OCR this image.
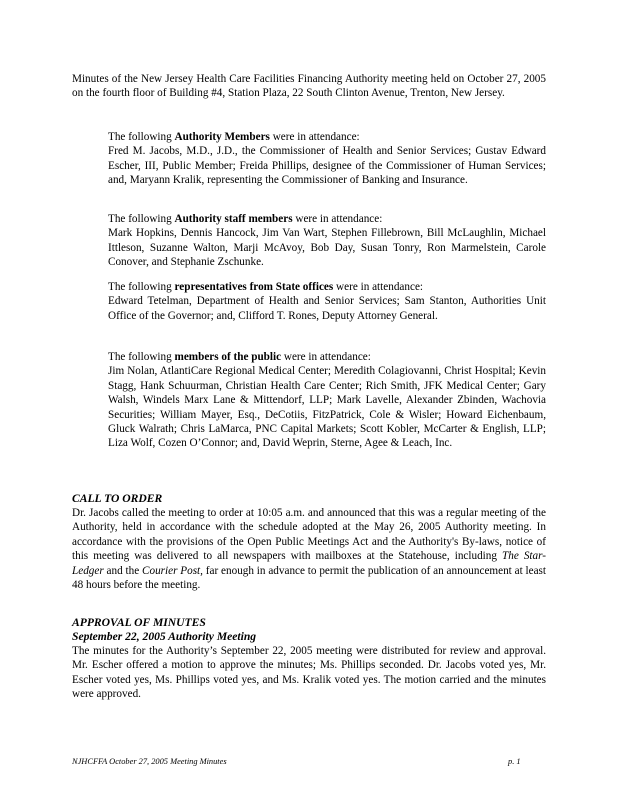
Minutes of the New Jersey Health Care Facilities Financing Authority meeting held on October 27, 2005 on the fourth floor of Building #4, Station Plaza, 22 South Clinton Avenue, Trenton, New Jersey.

The following Authority Members were in attendance:
Fred M. Jacobs, M.D., J.D., the Commissioner of Health and Senior Services; Gustav Edward Escher, III, Public Member; Freida Phillips, designee of the Commissioner of Human Services; and, Maryann Kralik, representing the Commissioner of Banking and Insurance.
The following Authority staff members were in attendance:
Mark Hopkins, Dennis Hancock, Jim Van Wart, Stephen Fillebrown, Bill McLaughlin, Michael Ittleson, Suzanne Walton, Marji McAvoy, Bob Day, Susan Tonry, Ron Marmelstein, Carole Conover, and Stephanie Zschunke.
The following representatives from State offices were in attendance:
Edward Tetelman, Department of Health and Senior Services; Sam Stanton, Authorities Unit Office of the Governor; and, Clifford T. Rones, Deputy Attorney General.
The following members of the public were in attendance:
Jim Nolan, AtlantiCare Regional Medical Center; Meredith Colagiovanni, Christ Hospital; Kevin Stagg, Hank Schuurman, Christian Health Care Center; Rich Smith, JFK Medical Center; Gary Walsh, Windels Marx Lane & Mittendorf, LLP; Mark Lavelle, Alexander Zbinden, Wachovia Securities; William Mayer, Esq., DeCotiis, FitzPatrick, Cole & Wisler; Howard Eichenbaum, Gluck Walrath; Chris LaMarca, PNC Capital Markets; Scott Kobler, McCarter & English, LLP; Liza Wolf, Cozen O’Connor; and, David Weprin, Sterne, Agee & Leach, Inc.
CALL TO ORDER

Dr. Jacobs called the meeting to order at 10:05 a.m. and announced that this was a regular meeting of the Authority, held in accordance with the schedule adopted at the May 26, 2005 Authority meeting. In accordance with the provisions of the Open Public Meetings Act and the Authority's By-laws, notice of this meeting was delivered to all newspapers with mailboxes at the Statehouse, including The Star-Ledger and the Courier Post, far enough in advance to permit the publication of an announcement at least 48 hours before the meeting.

APPROVAL OF MINUTES
September 22, 2005 Authority Meeting

The minutes for the Authority’s September 22, 2005 meeting were distributed for review and approval. Mr. Escher offered a motion to approve the minutes; Ms. Phillips seconded. Dr. Jacobs voted yes, Mr. Escher voted yes, Ms. Phillips voted yes, and Ms. Kralik voted yes. The motion carried and the minutes were approved.

NJHCFFA October 27, 2005 Meeting Minutes	p. 1
